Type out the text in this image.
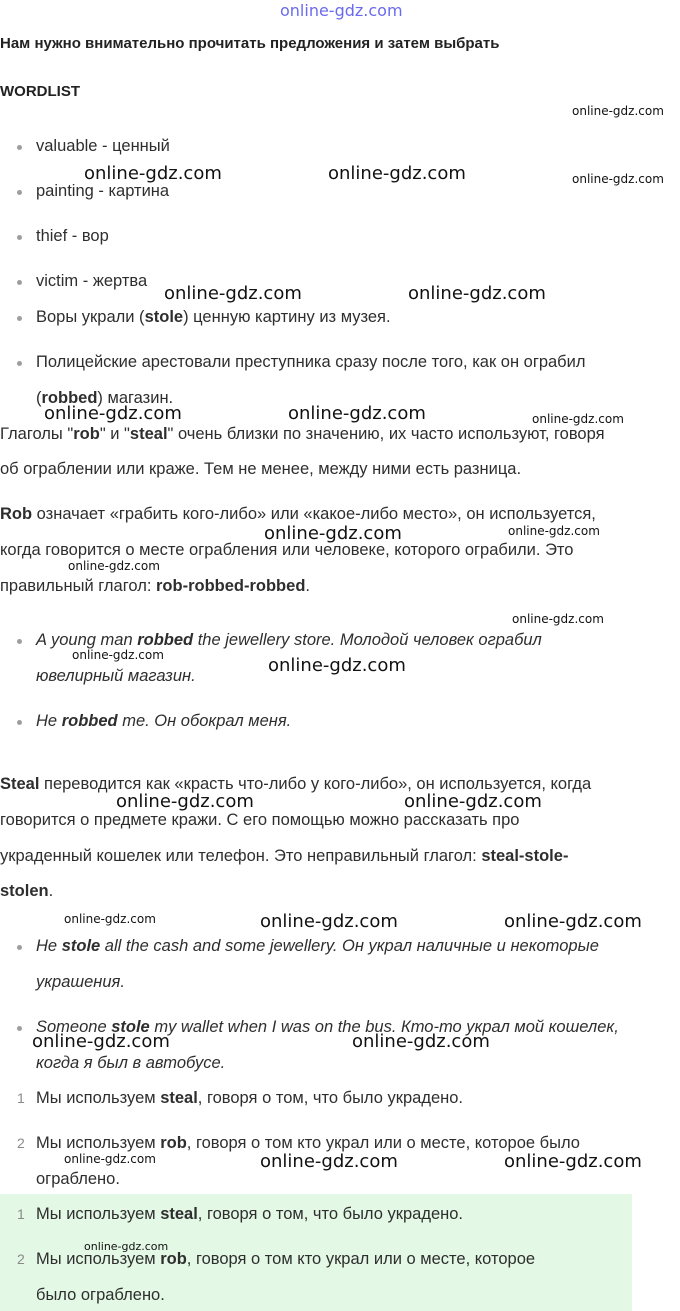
online-gdz.com
Нам нужно внимательно прочитать предложения и затем выбрать
WORDLIST
valuable - ценный
painting - картина
thief - вор
victim - жертва
Воры украли (stole) ценную картину из музея.
Полицейские арестовали преступника сразу после того, как он ограбил
(robbed) магазин.
Глаголы "rob" и "steal" очень близки по значению, их часто используют, говоря
об ограблении или краже. Тем не менее, между ними есть разница.
Rob означает «грабить кого-либо» или «какое-либо место», он используется,
когда говорится о месте ограбления или человеке, которого ограбили. Это
правильный глагол: rob-robbed-robbed.
A young man robbed the jewellery store. Молодой человек ограбил
ювелирный магазин.
He robbed me. Он обокрал меня.
Steal переводится как «красть что-либо у кого-либо», он используется, когда
говорится о предмете кражи. С его помощью можно рассказать про
украденный кошелек или телефон. Это неправильный глагол: steal-stole-
stolen.
He stole all the cash and some jewellery. Он украл наличные и некоторые
украшения.
Someone stole my wallet when I was on the bus. Кто-то украл мой кошелек,
когда я был в автобусе.
1 Мы используем steal, говоря о том, что было украдено.
2 Мы используем rob, говоря о том кто украл или о месте, которое было
ограблено.
1 Мы используем steal, говоря о том, что было украдено.
2 Мы используем rob, говоря о том кто украл или о месте, которое
было ограблено.
online-gdz.com
online-gdz.com	online-gdz.com	online-gdz.com
online-gdz.com	online-gdz.com
online-gdz.com	online-gdz.com	online-gdz.com
online-gdz.com	online-gdz.com
online-gdz.com
online-gdz.com
online-gdz.com	online-gdz.com
online-gdz.com	online-gdz.com
online-gdz.com	online-gdz.com	online-gdz.com
online-gdz.com	online-gdz.com
online-gdz.com	online-gdz.com	online-gdz.com
online-gdz.com
